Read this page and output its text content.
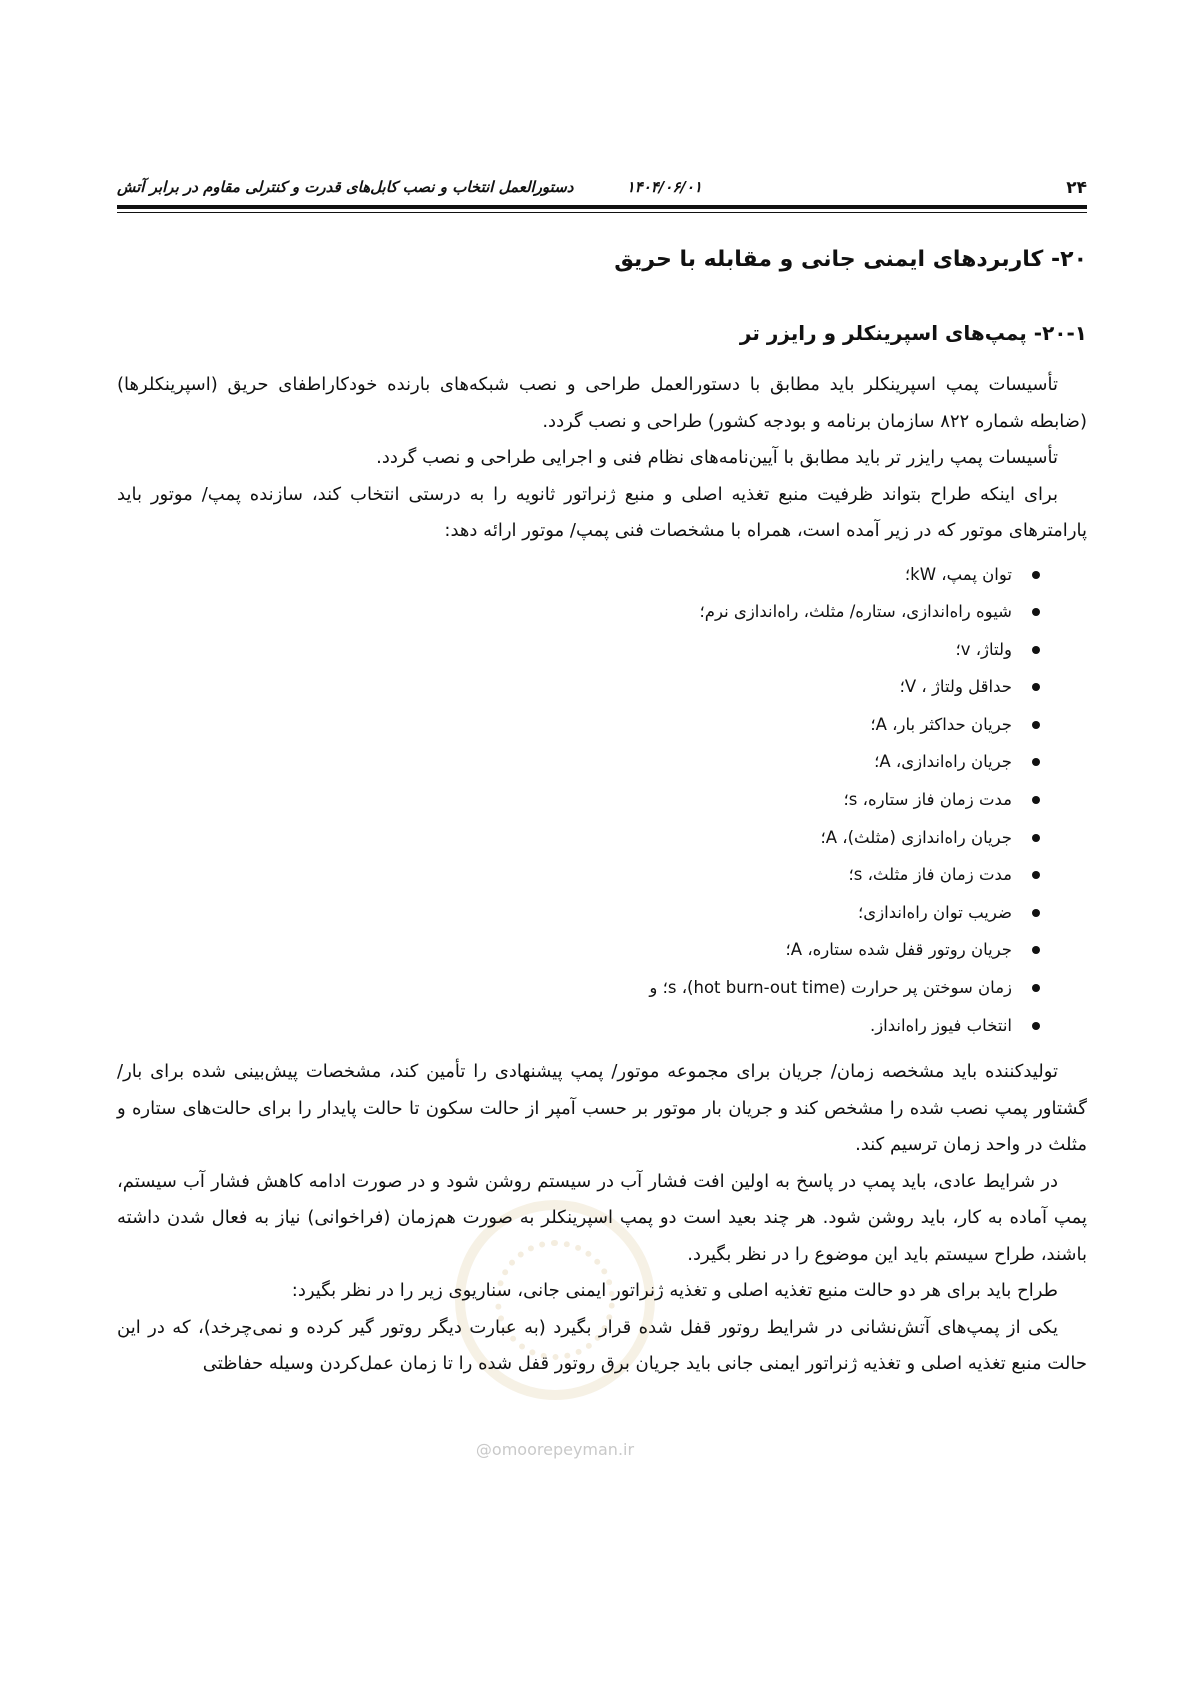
۲۴
۱۴۰۴/۰۶/۰۱
دستورالعمل انتخاب و نصب کابل‌های قدرت و کنترلی مقاوم در برابر آتش
@omoorepeyman.ir
۲۰- کاربردهای ایمنی جانی و مقابله با حریق
۲۰-۱- پمپ‌های اسپرینکلر و رایزر تر

تأسیسات پمپ اسپرینکلر باید مطابق با دستورالعمل طراحی و نصب شبکه‌های بارنده خودکاراطفای حریق (اسپرینکلرها) (ضابطه شماره ۸۲۲ سازمان برنامه و بودجه کشور) طراحی و نصب گردد.

تأسیسات پمپ رایزر تر باید مطابق با آیین‌نامه‌های نظام فنی و اجرایی طراحی و نصب گردد.

برای اینکه طراح بتواند ظرفیت منبع تغذیه اصلی و منبع ژنراتور ثانویه را به درستی انتخاب کند، سازنده پمپ/ موتور باید پارامترهای موتور که در زیر آمده است، همراه با مشخصات فنی پمپ/ موتور ارائه دهد:

توان پمپ، kW؛
شیوه راه‌اندازی، ستاره/ مثلث، راه‌اندازی نرم؛
ولتاژ، v؛
حداقل ولتاژ ، V؛
جریان حداکثر بار، A؛
جریان راه‌اندازی، A؛
مدت زمان فاز ستاره، s؛
جریان راه‌اندازی (مثلث)، A؛
مدت زمان فاز مثلث، s؛
ضریب توان راه‌اندازی؛
جریان روتور قفل شده ستاره، A؛
زمان سوختن پر حرارت (hot burn-out time)، s؛ و
انتخاب فیوز راه‌انداز.

تولیدکننده باید مشخصه زمان/ جریان برای مجموعه موتور/ پمپ پیشنهادی را تأمین کند، مشخصات پیش‌بینی شده برای بار/ گشتاور پمپ نصب شده را مشخص کند و جریان بار موتور بر حسب آمپر از حالت سکون تا حالت پایدار را برای حالت‌های ستاره و مثلث در واحد زمان ترسیم کند.

در شرایط عادی، باید پمپ در پاسخ به اولین افت فشار آب در سیستم روشن شود و در صورت ادامه کاهش فشار آب سیستم، پمپ آماده به کار، باید روشن شود. هر چند بعید است دو پمپ اسپرینکلر به صورت هم‌زمان (فراخوانی) نیاز به فعال شدن داشته باشند، طراح سیستم باید این موضوع را در نظر بگیرد.

طراح باید برای هر دو حالت منبع تغذیه اصلی و تغذیه ژنراتور ایمنی جانی، سناریوی زیر را در نظر بگیرد:

یکی از پمپ‌های آتش‌نشانی در شرایط روتور قفل شده قرار بگیرد (به عبارت دیگر روتور گیر کرده و نمی‌چرخد)، که در این حالت منبع تغذیه اصلی و تغذیه ژنراتور ایمنی جانی باید جریان برق روتور قفل شده را تا زمان عمل‌کردن وسیله حفاظتی
